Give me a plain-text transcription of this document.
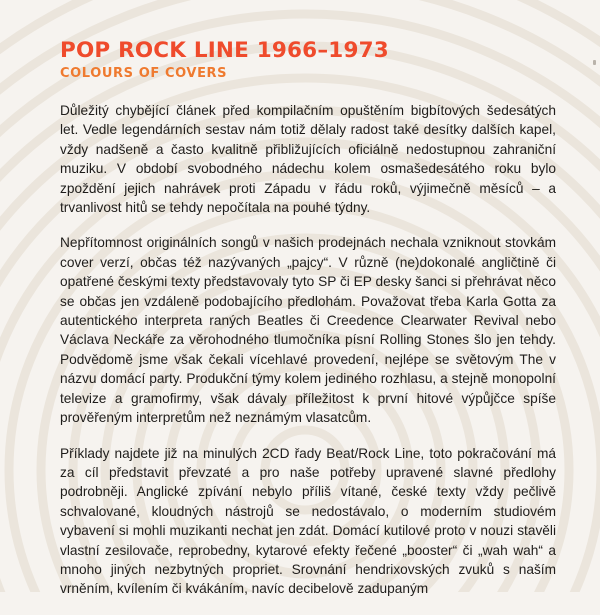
POP ROCK LINE 1966–1973
COLOURS OF COVERS

Důležitý chybějící článek před kompilačním opuštěním bigbítových šedesátých let. Vedle legendárních sestav nám totiž dělaly radost také desítky dalších kapel, vždy nadšeně a často kvalitně přibližujících oficiálně nedostupnou zahraniční muziku. V období svobodného nádechu kolem osmašedesátého roku bylo zpoždění jejich nahrávek proti Západu v řádu roků, výjimečně měsíců – a trvanlivost hitů se tehdy nepočítala na pouhé týdny.

Nepřítomnost originálních songů v našich prodejnách nechala vzniknout stovkám cover verzí, občas též nazývaných „pajcy“. V různě (ne)dokonalé angličtině či opatřené českými texty představovaly tyto SP či EP desky šanci si přehrávat něco se občas jen vzdáleně podobajícího předlohám. Považovat třeba Karla Gotta za autentického interpreta raných Beatles či Creedence Clearwater Revival nebo Václava Neckáře za věrohodného tlumočníka písní Rolling Stones šlo jen tehdy. Podvědomě jsme však čekali vícehlavé provedení, nejlépe se světovým The v názvu domácí party. Produkční týmy kolem jediného rozhlasu, a stejně monopolní televize a gramofirmy, však dávaly příležitost k první hitové výpůjčce spíše prověřeným interpretům než neznámým vlasatcům.

Příklady najdete již na minulých 2CD řady Beat/Rock Line, toto pokračování má za cíl představit převzaté a pro naše potřeby upravené slavné předlohy podrobněji. Anglické zpívání nebylo příliš vítané, české texty vždy pečlivě schvalované, kloudných nástrojů se nedostávalo, o moderním studiovém vybavení si mohli muzikanti nechat jen zdát. Domácí kutilové proto v nouzi stavěli vlastní zesilovače, reprobedny, kytarové efekty řečené „booster“ či „wah wah“ a mnoho jiných nezbytných propriet. Srovnání hendrixovských zvuků s naším vrněním, kvílením či kvákáním, navíc decibelově zadupaným
